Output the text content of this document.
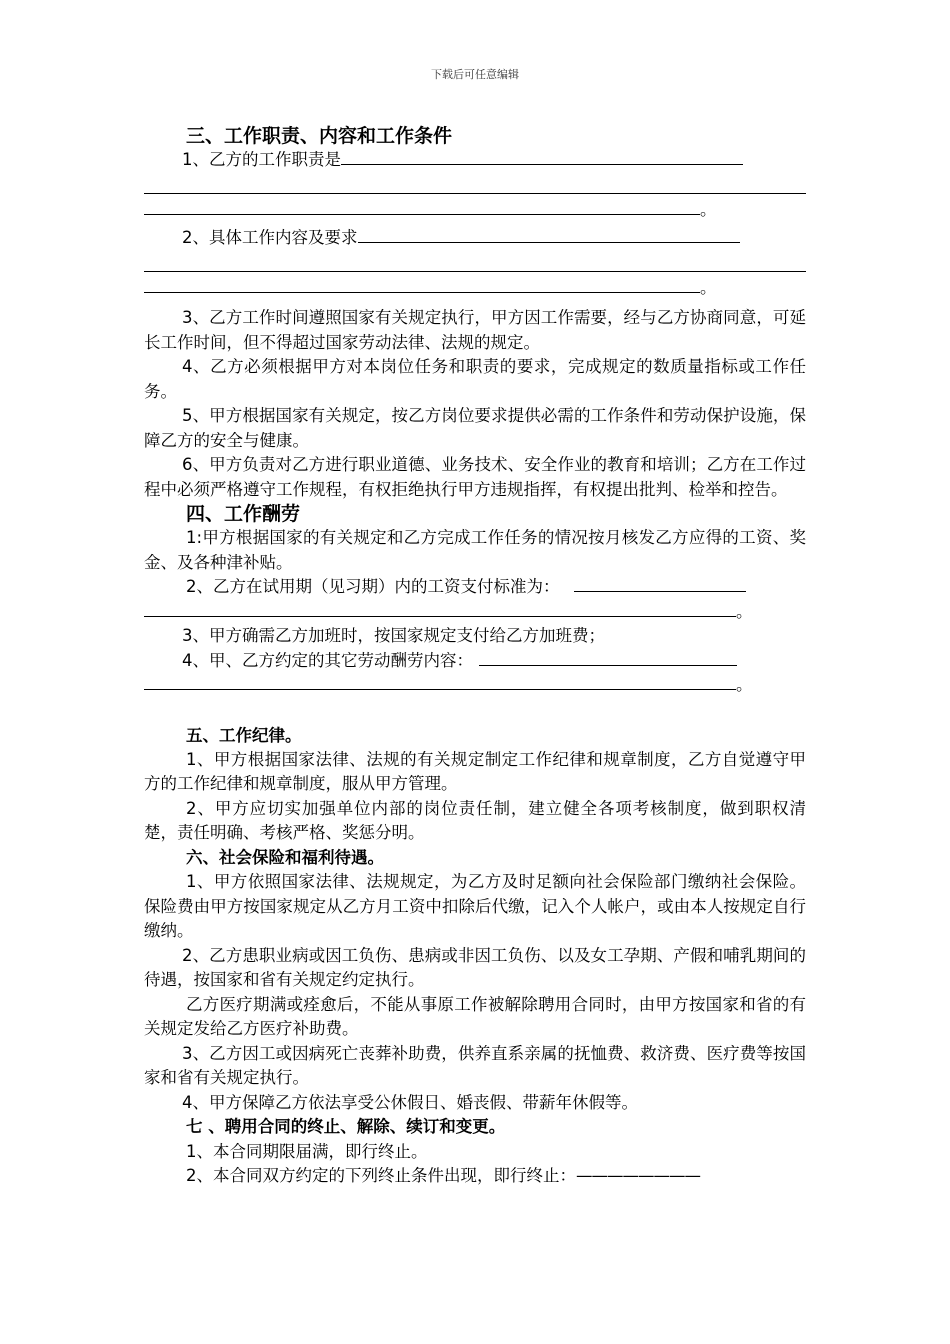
下载后可任意编辑
三、工作职责、内容和工作条件
1、乙方的工作职责是
。
2、具体工作内容及要求
。
3、乙方工作时间遵照国家有关规定执行，甲方因工作需要，经与乙方协商同意，可延长工作时间，但不得超过国家劳动法律、法规的规定。
4、乙方必须根据甲方对本岗位任务和职责的要求，完成规定的数质量指标或工作任务。
5、甲方根据国家有关规定，按乙方岗位要求提供必需的工作条件和劳动保护设施，保障乙方的安全与健康。
6、甲方负责对乙方进行职业道德、业务技术、安全作业的教育和培训；乙方在工作过程中必须严格遵守工作规程，有权拒绝执行甲方违规指挥，有权提出批判、检举和控告。
四、工作酬劳
1:甲方根据国家的有关规定和乙方完成工作任务的情况按月核发乙方应得的工资、奖金、及各种津补贴。
2、乙方在试用期（见习期）内的工资支付标准为：
。
3、甲方确需乙方加班时，按国家规定支付给乙方加班费；
4、甲、乙方约定的其它劳动酬劳内容：
。
五、工作纪律。
1、甲方根据国家法律、法规的有关规定制定工作纪律和规章制度，乙方自觉遵守甲方的工作纪律和规章制度，服从甲方管理。
2、甲方应切实加强单位内部的岗位责任制，建立健全各项考核制度，做到职权清楚，责任明确、考核严格、奖惩分明。
六、社会保险和福利待遇。
1、甲方依照国家法律、法规规定，为乙方及时足额向社会保险部门缴纳社会保险。保险费由甲方按国家规定从乙方月工资中扣除后代缴，记入个人帐户，或由本人按规定自行缴纳。
2、乙方患职业病或因工负伤、患病或非因工负伤、以及女工孕期、产假和哺乳期间的待遇，按国家和省有关规定约定执行。
乙方医疗期满或痊愈后，不能从事原工作被解除聘用合同时，由甲方按国家和省的有关规定发给乙方医疗补助费。
3、乙方因工或因病死亡丧葬补助费，供养直系亲属的抚恤费、救济费、医疗费等按国家和省有关规定执行。
4、甲方保障乙方依法享受公休假日、婚丧假、带薪年休假等。
七 、聘用合同的终止、解除、续订和变更。
1、本合同期限届满，即行终止。
2、本合同双方约定的下列终止条件出现，即行终止：————————
